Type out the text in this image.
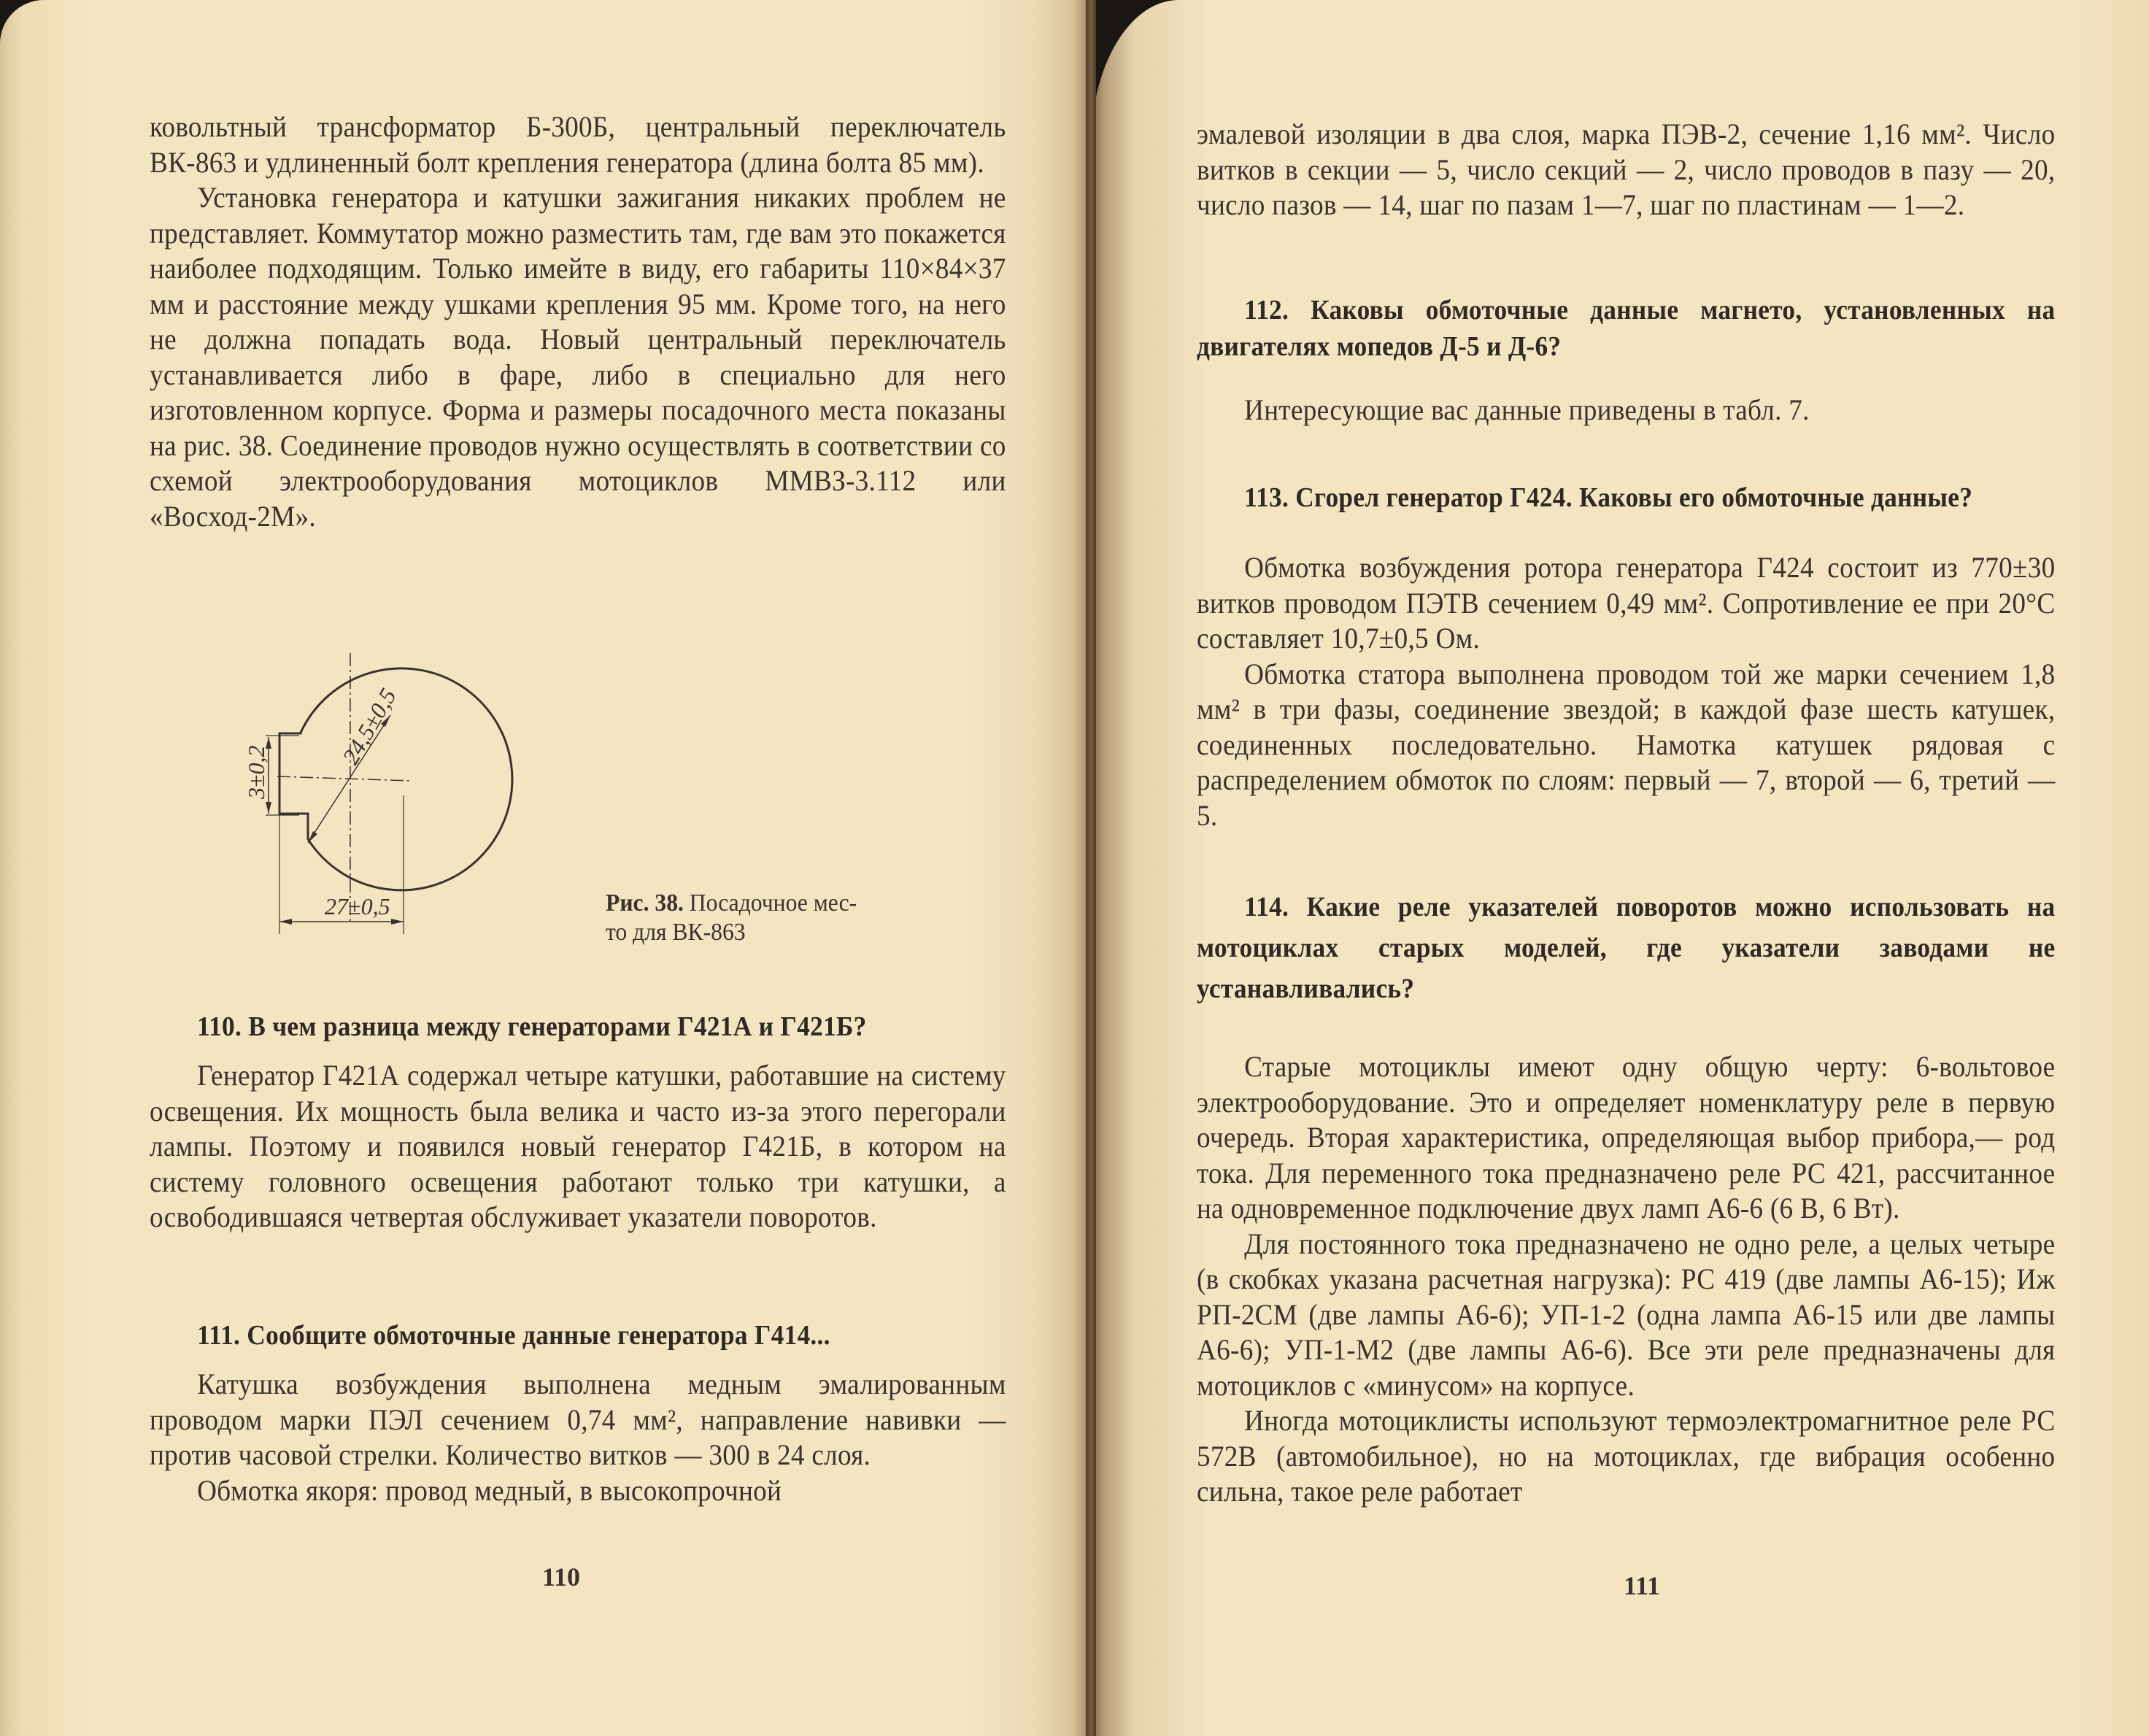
ковольтный трансформатор Б-300Б, центральный переключатель ВК-863 и удлиненный болт крепления генератора (длина болта 85 мм).

Установка генератора и катушки зажигания никаких проблем не представляет. Коммутатор можно разместить там, где вам это покажется наиболее подходящим. Только имейте в виду, его габариты 110×84×37 мм и расстояние между ушками крепления 95 мм. Кроме того, на него не должна попадать вода. Новый центральный переключатель устанавливается либо в фаре, либо в специально для него изготовленном корпусе. Форма и размеры посадочного места показаны на рис. 38. Соединение проводов нужно осуществлять в соответствии со схемой электрооборудования мотоциклов ММВЗ-3.112 или «Восход-2М».

24,5±0,5
3±0,2
27±0,5	Рис. 38. Посадочное мес-
то для ВК-863

110. В чем разница между генераторами Г421А и Г421Б?

Генератор Г421А содержал четыре катушки, работавшие на систему освещения. Их мощность была велика и часто из-за этого перегорали лампы. Поэтому и появился новый генератор Г421Б, в котором на систему головного освещения работают только три катушки, а освободившаяся четвертая обслуживает указатели поворотов.

111. Сообщите обмоточные данные генератора Г414...

Катушка возбуждения выполнена медным эмалированным проводом марки ПЭЛ сечением 0,74 мм², направление навивки — против часовой стрелки. Количество витков — 300 в 24 слоя.

Обмотка якоря: провод медный, в высокопрочной

110

эмалевой изоляции в два слоя, марка ПЭВ-2, сечение 1,16 мм². Число витков в секции — 5, число секций — 2, число проводов в пазу — 20, число пазов — 14, шаг по пазам 1—7, шаг по пластинам — 1—2.

112. Каковы обмоточные данные магнето, установленных на двигателях мопедов Д-5 и Д-6?

Интересующие вас данные приведены в табл. 7.

113. Сгорел генератор Г424. Каковы его обмоточные данные?

Обмотка возбуждения ротора генератора Г424 состоит из 770±30 витков проводом ПЭТВ сечением 0,49 мм². Сопротивление ее при 20°С составляет 10,7±0,5 Ом.

Обмотка статора выполнена проводом той же марки сечением 1,8 мм² в три фазы, соединение звездой; в каждой фазе шесть катушек, соединенных последовательно. Намотка катушек рядовая с распределением обмоток по слоям: первый — 7, второй — 6, третий — 5.

114. Какие реле указателей поворотов можно использовать на мотоциклах старых моделей, где указатели заводами не устанавливались?

Старые мотоциклы имеют одну общую черту: 6-вольтовое электрооборудование. Это и определяет номенклатуру реле в первую очередь. Вторая характеристика, определяющая выбор прибора,— род тока. Для переменного тока предназначено реле РС 421, рассчитанное на одновременное подключение двух ламп А6-6 (6 В, 6 Вт).

Для постоянного тока предназначено не одно реле, а целых четыре (в скобках указана расчетная нагрузка): РС 419 (две лампы А6-15); Иж РП-2СМ (две лампы А6-6); УП-1-2 (одна лампа А6-15 или две лампы А6-6); УП-1-М2 (две лампы А6-6). Все эти реле предназначены для мотоциклов с «минусом» на корпусе.

Иногда мотоциклисты используют термоэлектромагнитное реле РС 572В (автомобильное), но на мотоциклах, где вибрация особенно сильна, такое реле работает

111
